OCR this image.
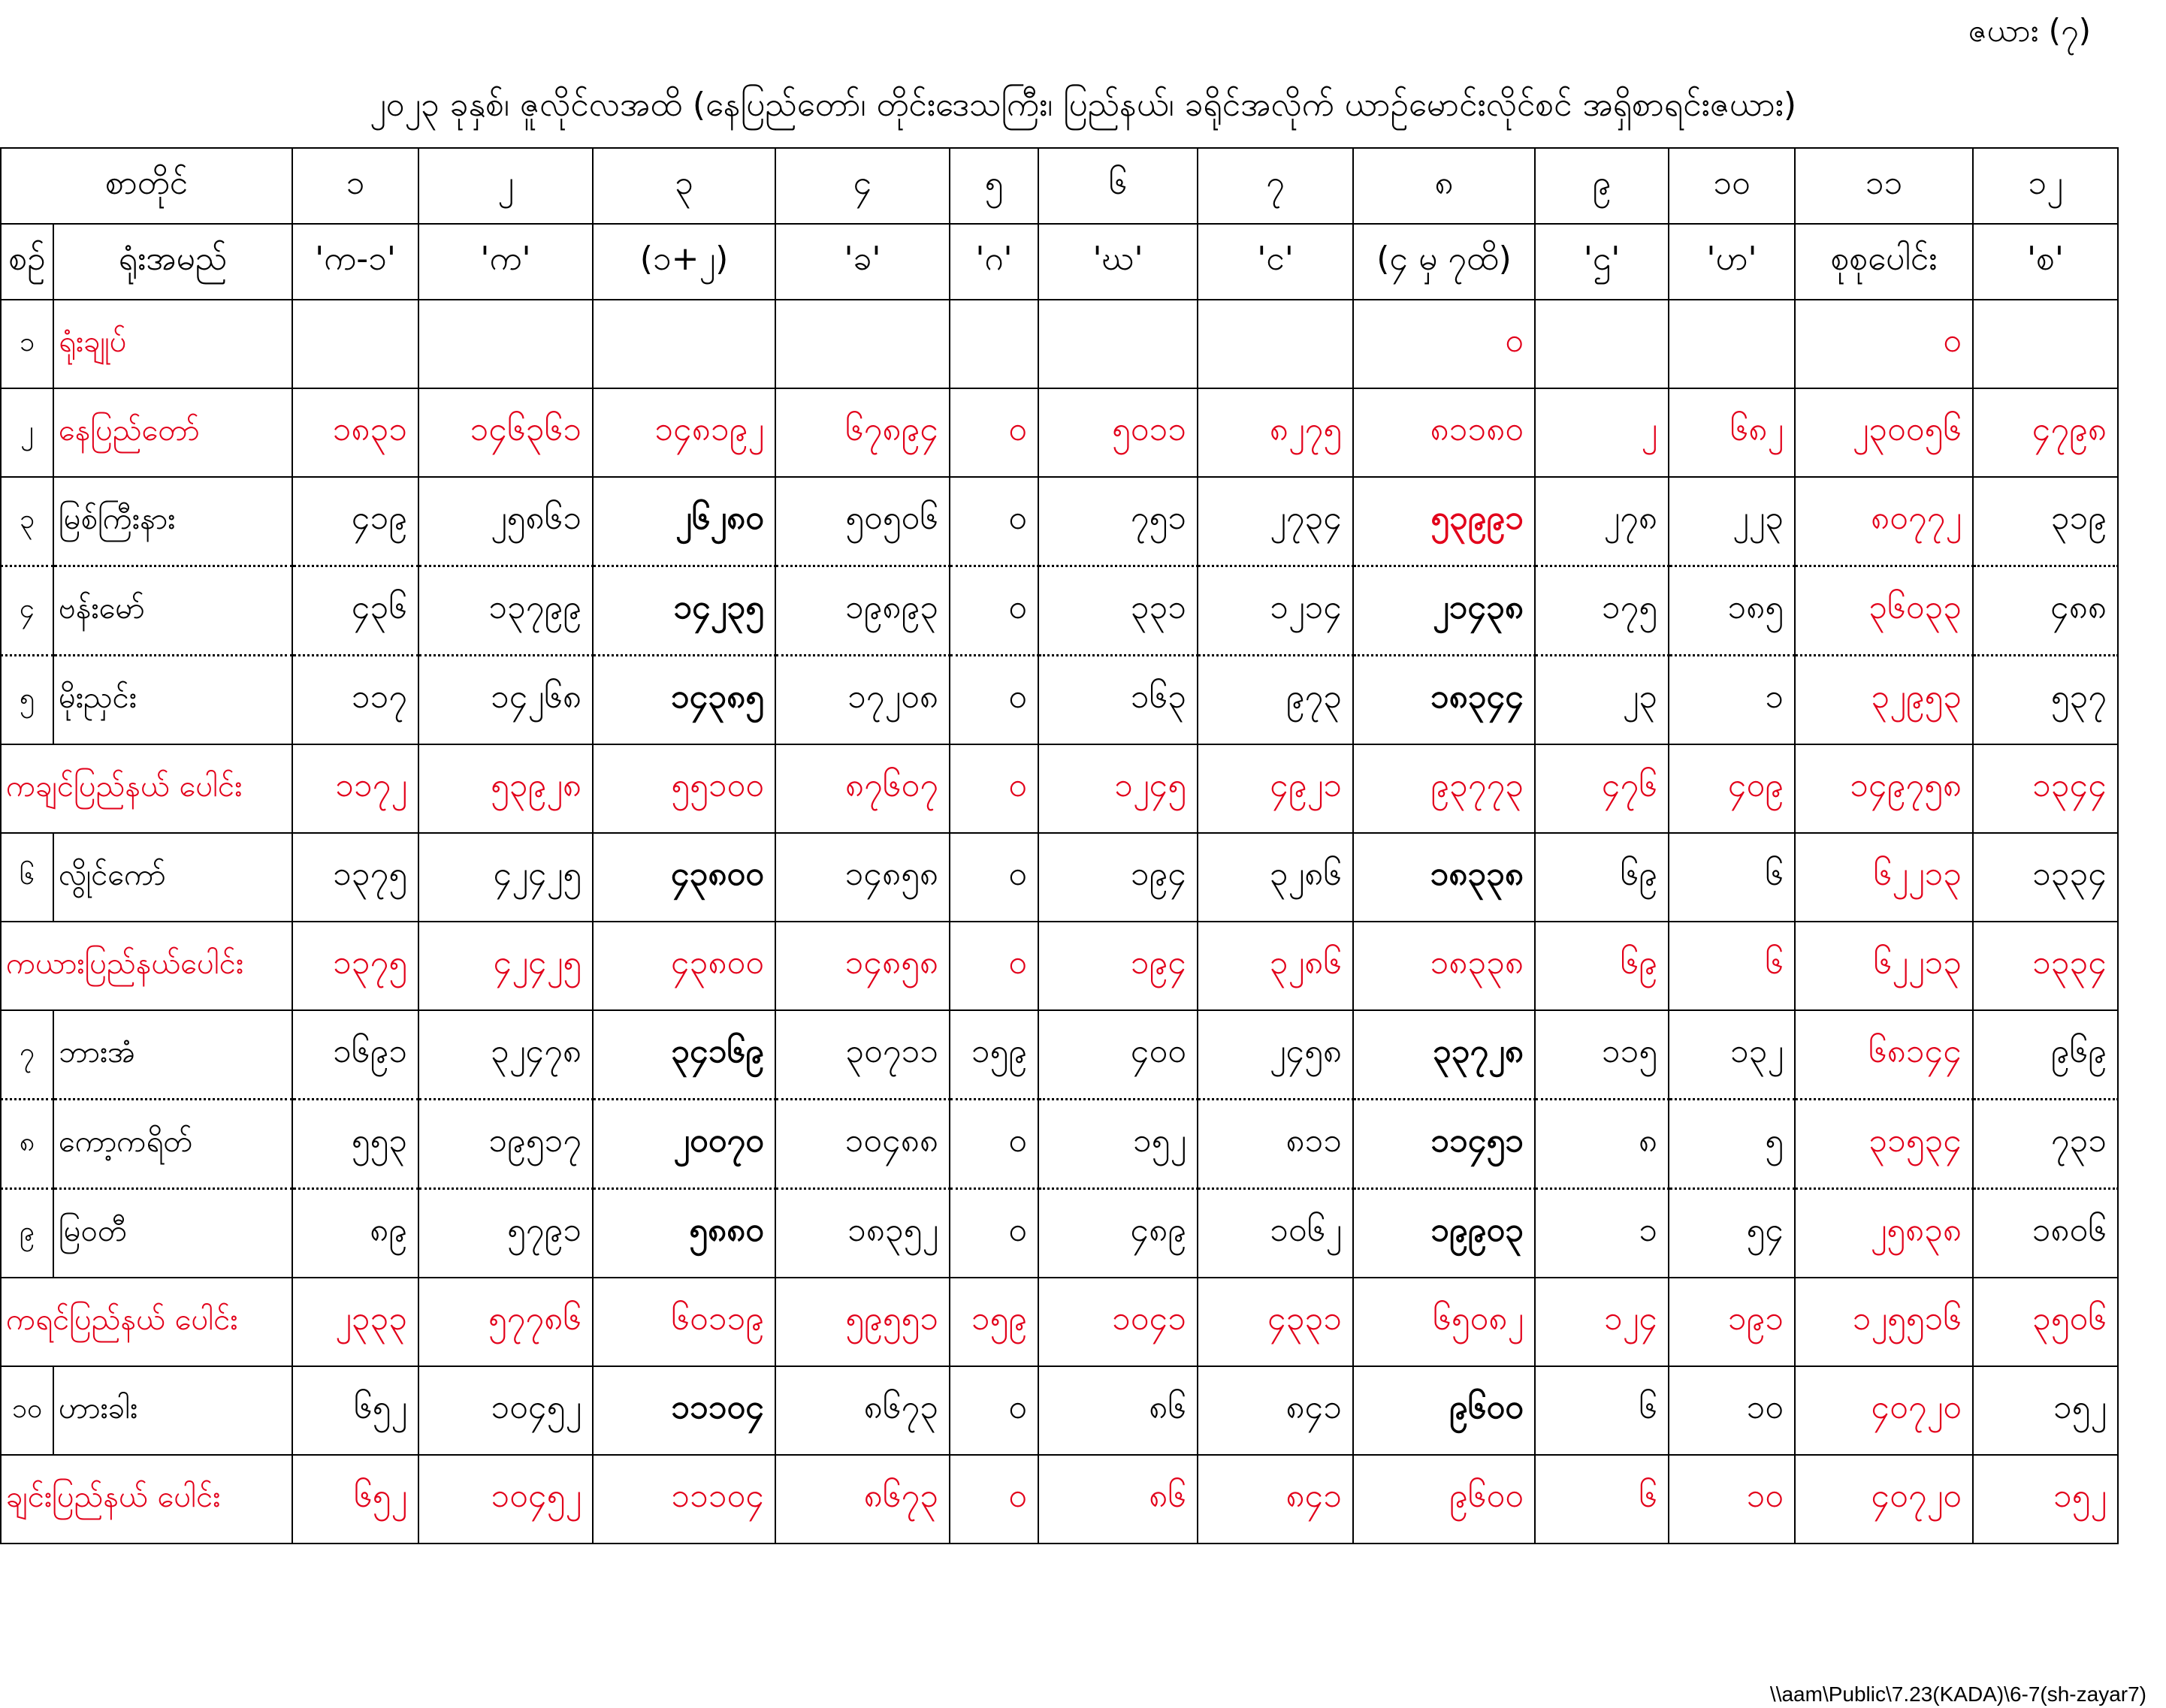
ဇယား (၇)
၂၀၂၃ ခုနှစ်၊ ဇူလိုင်လအထိ (နေပြည်တော်၊ တိုင်းဒေသကြီး၊ ပြည်နယ်၊ ခရိုင်အလိုက် ယာဉ်မောင်းလိုင်စင် အရှိစာရင်းဇယား)
စာတိုင်		၁	၂	၃	၄	၅	၆	၇	၈	၉	၁၀	၁၁	၁၂
စဉ်	ရုံးအမည်	'က-၁'	'က'	(၁+၂)	'ခ'	'ဂ'	'ဃ'	'င'	(၄ မှ ၇ထိ)	'ဌ'	'ဟ'	စုစုပေါင်း	'စ'
၁	ရုံးချုပ်								၀			၀	
၂	နေပြည်တော်	၁၈၃၁	၁၄၆၃၆၁	၁၄၈၁၉၂	၆၇၈၉၄	၀	၅၀၁၁	၈၂၇၅	၈၁၁၈၀	၂	၆၈၂	၂၃၀၀၅၆	၄၇၉၈
၃	မြစ်ကြီးနား	၄၁၉	၂၅၈၆၁	၂၆၂၈၀	၅၀၅၀၆	၀	၇၅၁	၂၇၃၄	၅၃၉၉၁	၂၇၈	၂၂၃	၈၀၇၇၂	၃၁၉
၄	ဗန်းမော်	၄၃၆	၁၃၇၉၉	၁၄၂၃၅	၁၉၈၉၃	၀	၃၃၁	၁၂၁၄	၂၁၄၃၈	၁၇၅	၁၈၅	၃၆၀၃၃	၄၈၈
၅	မိုးညှင်း	၁၁၇	၁၄၂၆၈	၁၄၃၈၅	၁၇၂၀၈	၀	၁၆၃	၉၇၃	၁၈၃၄၄	၂၃	၁	၃၂၉၅၃	၅၃၇
ကချင်ပြည်နယ် ပေါင်း		၁၁၇၂	၅၃၉၂၈	၅၅၁၀၀	၈၇၆၀၇	၀	၁၂၄၅	၄၉၂၁	၉၃၇၇၃	၄၇၆	၄၀၉	၁၄၉၇၅၈	၁၃၄၄
၆	လွိုင်ကော်	၁၃၇၅	၄၂၄၂၅	၄၃၈၀၀	၁၄၈၅၈	၀	၁၉၄	၃၂၈၆	၁၈၃၃၈	၆၉	၆	၆၂၂၁၃	၁၃၃၄
ကယားပြည်နယ်ပေါင်း		၁၃၇၅	၄၂၄၂၅	၄၃၈၀၀	၁၄၈၅၈	၀	၁၉၄	၃၂၈၆	၁၈၃၃၈	၆၉	၆	၆၂၂၁၃	၁၃၃၄
၇	ဘားအံ	၁၆၉၁	၃၂၄၇၈	၃၄၁၆၉	၃၀၇၁၁	၁၅၉	၄၀၀	၂၄၅၈	၃၃၇၂၈	၁၁၅	၁၃၂	၆၈၁၄၄	၉၆၉
၈	ကော့ကရိတ်	၅၅၃	၁၉၅၁၇	၂၀၀၇၀	၁၀၄၈၈	၀	၁၅၂	၈၁၁	၁၁၄၅၁	၈	၅	၃၁၅၃၄	၇၃၁
၉	မြဝတီ	၈၉	၅၇၉၁	၅၈၈၀	၁၈၃၅၂	၀	၄၈၉	၁၀၆၂	၁၉၉၀၃	၁	၅၄	၂၅၈၃၈	၁၈၀၆
ကရင်ပြည်နယ် ပေါင်း		၂၃၃၃	၅၇၇၈၆	၆၀၁၁၉	၅၉၅၅၁	၁၅၉	၁၀၄၁	၄၃၃၁	၆၅၀၈၂	၁၂၄	၁၉၁	၁၂၅၅၁၆	၃၅၀၆
၁၀	ဟားခါး	၆၅၂	၁၀၄၅၂	၁၁၁၀၄	၈၆၇၃	၀	၈၆	၈၄၁	၉၆၀၀	၆	၁၀	၄၀၇၂၀	၁၅၂
ချင်းပြည်နယ် ပေါင်း		၆၅၂	၁၀၄၅၂	၁၁၁၀၄	၈၆၇၃	၀	၈၆	၈၄၁	၉၆၀၀	၆	၁၀	၄၀၇၂၀	၁၅၂
\\aam\Public\7.23(KADA)\6-7(sh-zayar7)
